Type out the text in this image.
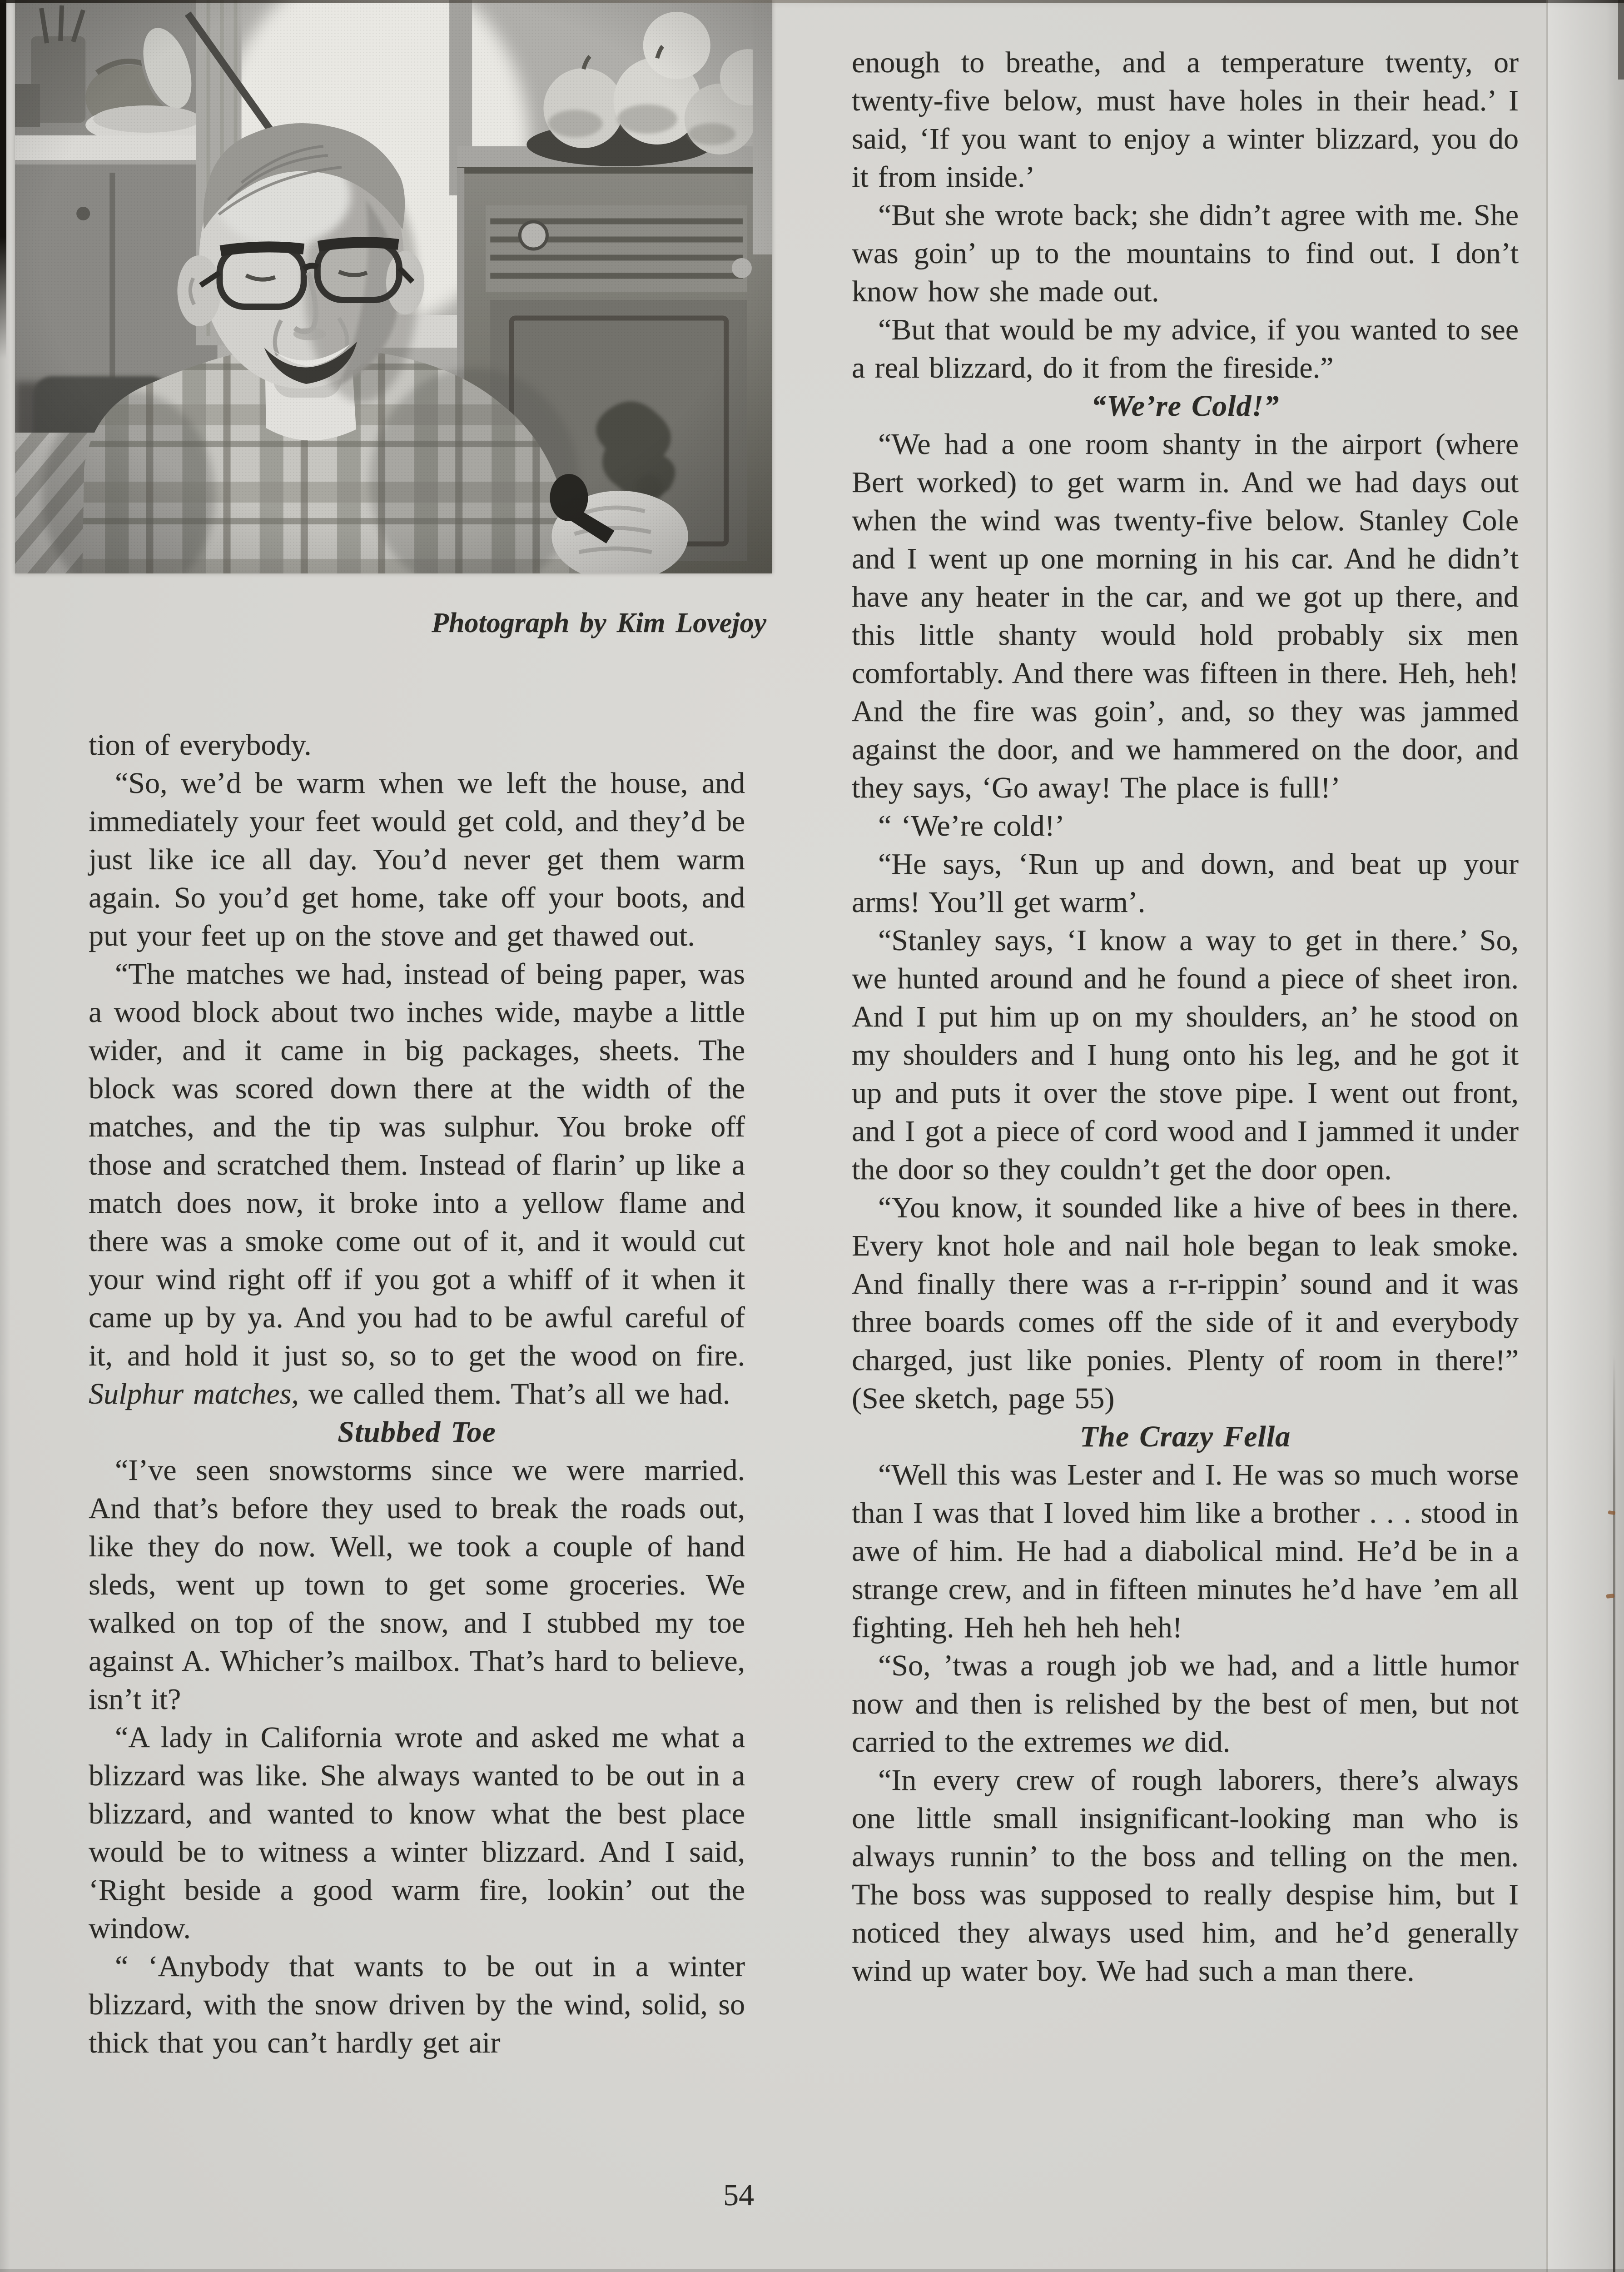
Photograph by Kim Lovejoy

tion of everybody.

“So, we’d be warm when we left the house, and immediately your feet would get cold, and they’d be just like ice all day. You’d never get them warm again. So you’d get home, take off your boots, and put your feet up on the stove and get thawed out.

“The matches we had, instead of being paper, was a wood block about two inches wide, maybe a little wider, and it came in big packages, sheets. The block was scored down there at the width of the matches, and the tip was sulphur. You broke off those and scratched them. Instead of flarin’ up like a match does now, it broke into a yellow flame and there was a smoke come out of it, and it would cut your wind right off if you got a whiff of it when it came up by ya. And you had to be awful careful of it, and hold it just so, so to get the wood on fire. Sulphur matches, we called them. That’s all we had.

Stubbed Toe

“I’ve seen snowstorms since we were married. And that’s before they used to break the roads out, like they do now. Well, we took a couple of hand sleds, went up town to get some groceries. We walked on top of the snow, and I stubbed my toe against A. Whicher’s mailbox. That’s hard to believe, isn’t it?

“A lady in California wrote and asked me what a blizzard was like. She always wanted to be out in a blizzard, and wanted to know what the best place would be to witness a winter blizzard. And I said, ‘Right beside a good warm fire, lookin’ out the window.

“ ‘Anybody that wants to be out in a winter blizzard, with the snow driven by the wind, solid, so thick that you can’t hardly get air

enough to breathe, and a temperature twenty, or twenty-five below, must have holes in their head.’ I said, ‘If you want to enjoy a winter blizzard, you do it from inside.’

“But she wrote back; she didn’t agree with me. She was goin’ up to the mountains to find out. I don’t know how she made out.

“But that would be my advice, if you wanted to see a real blizzard, do it from the fireside.”

“We’re Cold!”

“We had a one room shanty in the airport (where Bert worked) to get warm in. And we had days out when the wind was twenty-five below. Stanley Cole and I went up one morning in his car. And he didn’t have any heater in the car, and we got up there, and this little shanty would hold probably six men comfortably. And there was fifteen in there. Heh, heh! And the fire was goin’, and, so they was jammed against the door, and we hammered on the door, and they says, ‘Go away! The place is full!’

“ ‘We’re cold!’

“He says, ‘Run up and down, and beat up your arms! You’ll get warm’.

“Stanley says, ‘I know a way to get in there.’ So, we hunted around and he found a piece of sheet iron. And I put him up on my shoulders, an’ he stood on my shoulders and I hung onto his leg, and he got it up and puts it over the stove pipe. I went out front, and I got a piece of cord wood and I jammed it under the door so they couldn’t get the door open.

“You know, it sounded like a hive of bees in there. Every knot hole and nail hole began to leak smoke. And finally there was a r-r-rippin’ sound and it was three boards comes off the side of it and everybody charged, just like ponies. Plenty of room in there!” (See sketch, page 55)

The Crazy Fella

“Well this was Lester and I. He was so much worse than I was that I loved him like a brother . . . stood in awe of him. He had a diabolical mind. He’d be in a strange crew, and in fifteen minutes he’d have ’em all fighting. Heh heh heh heh!

“So, ’twas a rough job we had, and a little humor now and then is relished by the best of men, but not carried to the extremes we did.

“In every crew of rough laborers, there’s always one little small insignificant-looking man who is always runnin’ to the boss and telling on the men. The boss was supposed to really despise him, but I noticed they always used him, and he’d generally wind up water boy. We had such a man there.

54
